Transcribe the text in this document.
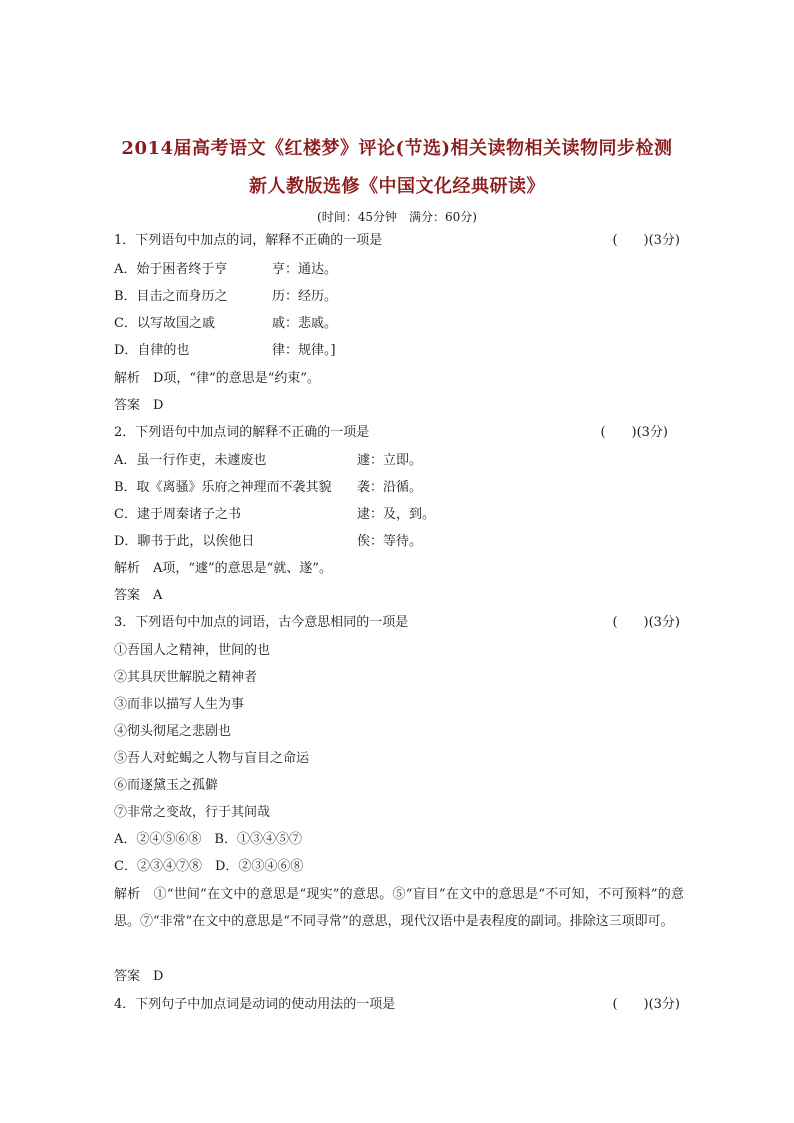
2014届高考语文《红楼梦》评论(节选)相关读物相关读物同步检测
新人教版选修《中国文化经典研读》
(时间：45分钟　满分：60分)
1．下列语句中加点的词，解释不正确的一项是	(　　)(3分)
A．始于困者终于亨	亨：通达。
B．目击之而身历之	历：经历。
C．以写故国之戚	戚：悲戚。
D．自律的也	律：规律。]
解析　D项，“律”的意思是“约束”。
答案　D
2．下列语句中加点词的解释不正确的一项是	(　　)(3分)
A．虽一行作吏，未遽废也	遽：立即。
B．取《离骚》乐府之神理而不袭其貌 袭：沿循。
C．逮于周秦诸子之书	逮：及，到。
D．聊书于此，以俟他日	俟：等待。
解析　A项，“遽”的意思是“就、遂”。
答案　A
3．下列语句中加点的词语，古今意思相同的一项是	(　　)(3分)
①吾国人之精神，世间的也
②其具厌世解脱之精神者
③而非以描写人生为事
④彻头彻尾之悲剧也
⑤吾人对蛇蝎之人物与盲目之命运
⑥而逐黛玉之孤僻
⑦非常之变故，行于其间哉
A．②④⑤⑥⑧　B．①③④⑤⑦
C．②③④⑦⑧　D．②③④⑥⑧
解析　①“世间”在文中的意思是“现实”的意思。⑤“盲目”在文中的意思是“不可知，不可预料”的意思。⑦“非常”在文中的意思是“不同寻常”的意思，现代汉语中是表程度的副词。排除这三项即可。
答案　D
4．下列句子中加点词是动词的使动用法的一项是	(　　)(3分)
